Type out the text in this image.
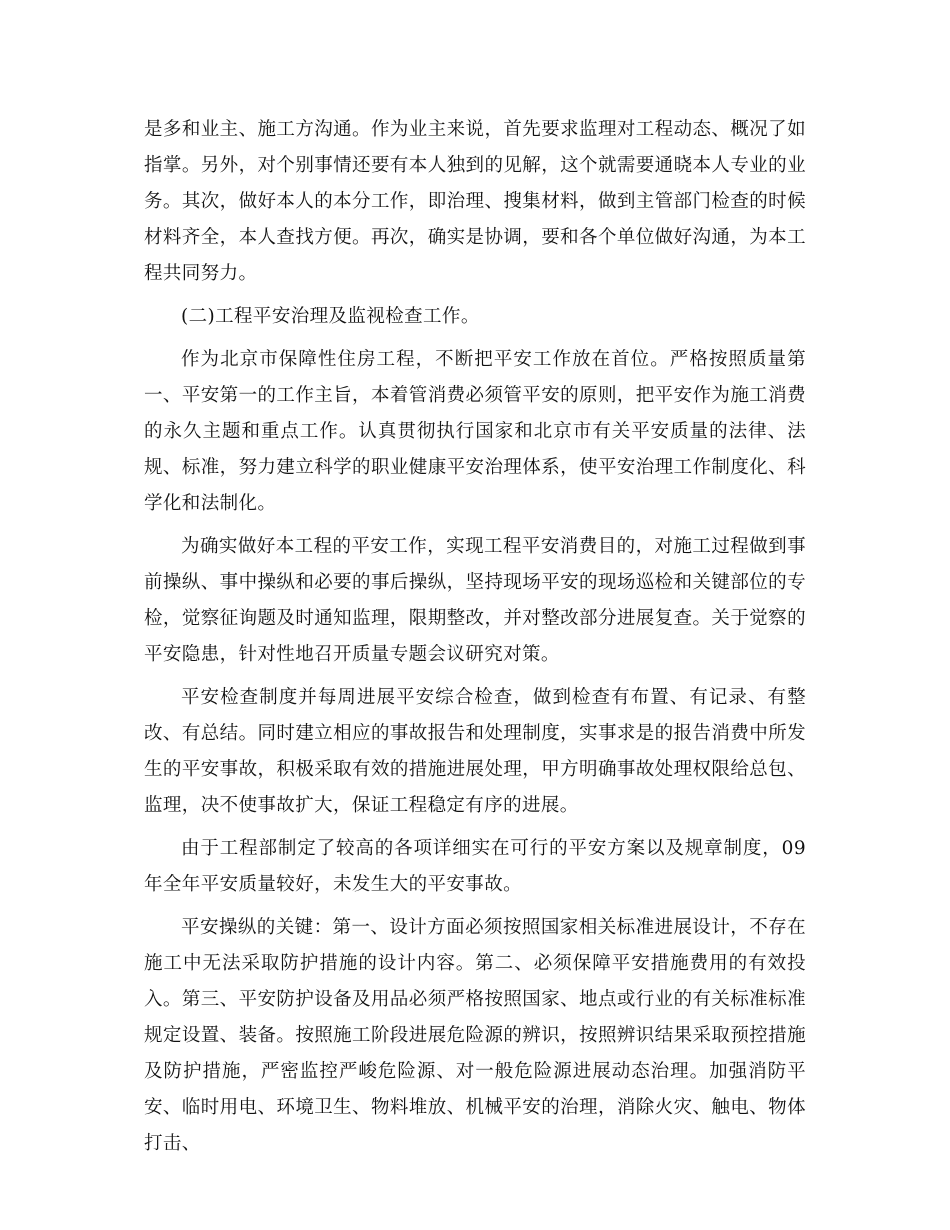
是多和业主、施工方沟通。作为业主来说，首先要求监理对工程动态、概况了如指掌。另外，对个别事情还要有本人独到的见解，这个就需要通晓本人专业的业务。其次，做好本人的本分工作，即治理、搜集材料，做到主管部门检查的时候材料齐全，本人查找方便。再次，确实是协调，要和各个单位做好沟通，为本工程共同努力。

(二)工程平安治理及监视检查工作。

作为北京市保障性住房工程，不断把平安工作放在首位。严格按照质量第一、平安第一的工作主旨，本着管消费必须管平安的原则，把平安作为施工消费的永久主题和重点工作。认真贯彻执行国家和北京市有关平安质量的法律、法规、标准，努力建立科学的职业健康平安治理体系，使平安治理工作制度化、科学化和法制化。

为确实做好本工程的平安工作，实现工程平安消费目的，对施工过程做到事前操纵、事中操纵和必要的事后操纵，坚持现场平安的现场巡检和关键部位的专检，觉察征询题及时通知监理，限期整改，并对整改部分进展复查。关于觉察的平安隐患，针对性地召开质量专题会议研究对策。

平安检查制度并每周进展平安综合检查，做到检查有布置、有记录、有整改、有总结。同时建立相应的事故报告和处理制度，实事求是的报告消费中所发生的平安事故，积极采取有效的措施进展处理，甲方明确事故处理权限给总包、监理，决不使事故扩大，保证工程稳定有序的进展。

由于工程部制定了较高的各项详细实在可行的平安方案以及规章制度，09年全年平安质量较好，未发生大的平安事故。

平安操纵的关键：第一、设计方面必须按照国家相关标准进展设计，不存在施工中无法采取防护措施的设计内容。第二、必须保障平安措施费用的有效投入。第三、平安防护设备及用品必须严格按照国家、地点或行业的有关标准标准规定设置、装备。按照施工阶段进展危险源的辨识，按照辨识结果采取预控措施及防护措施，严密监控严峻危险源、对一般危险源进展动态治理。加强消防平安、临时用电、环境卫生、物料堆放、机械平安的治理，消除火灾、触电、物体打击、
